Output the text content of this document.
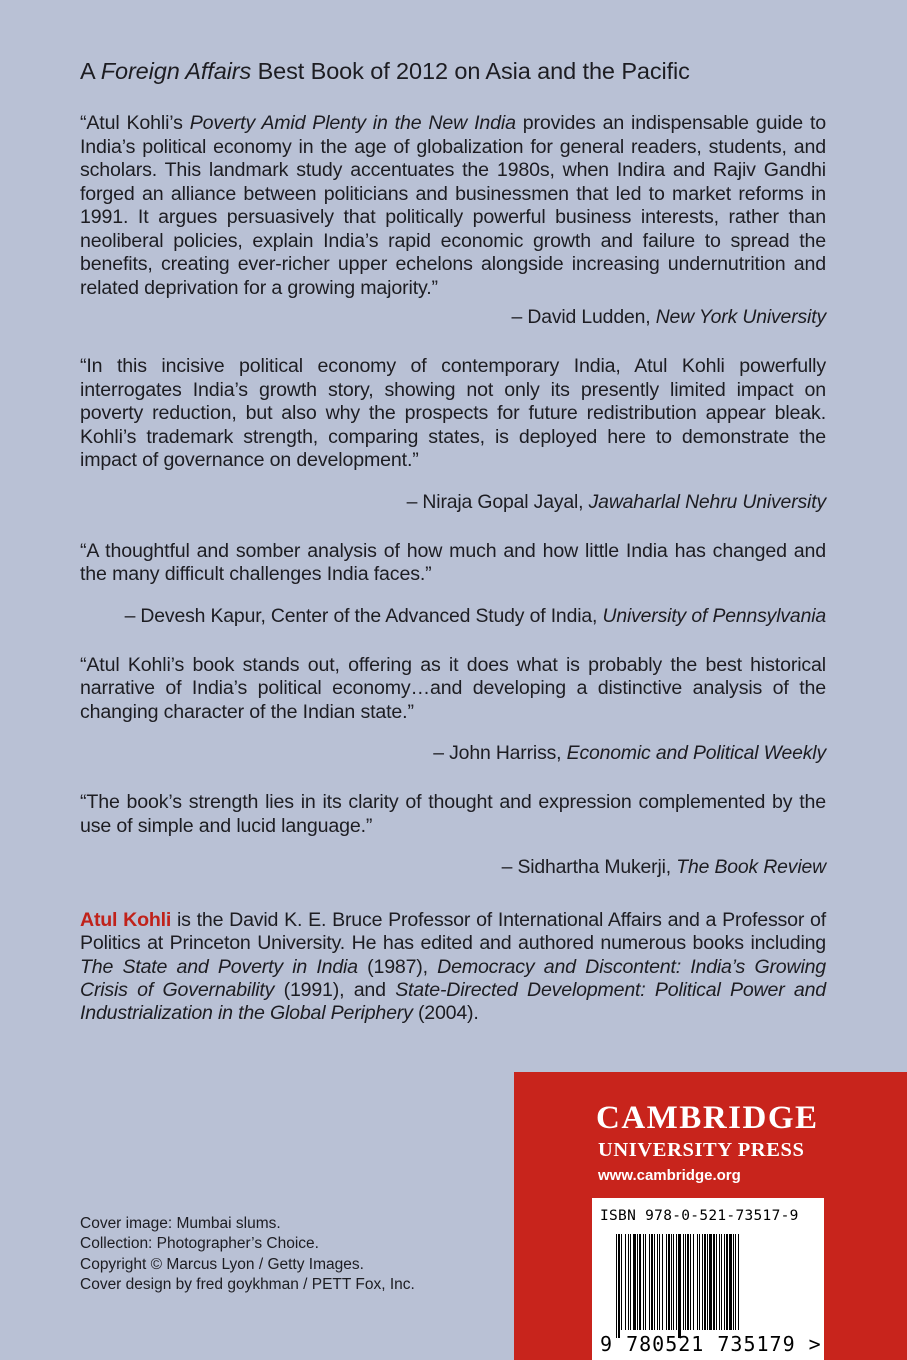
A Foreign Affairs Best Book of 2012 on Asia and the Pacific

“Atul Kohli’s Poverty Amid Plenty in the New India provides an indispensable guide to India’s political economy in the age of globalization for general readers, students, and scholars. This landmark study accentuates the 1980s, when Indira and Rajiv Gandhi forged an alliance between politicians and businessmen that led to market reforms in 1991. It argues persuasively that politically powerful business interests, rather than neoliberal policies, explain India’s rapid economic growth and failure to spread the benefits, creating ever-richer upper echelons alongside increasing undernutrition and related deprivation for a growing majority.”

– David Ludden, New York University

“In this incisive political economy of contemporary India, Atul Kohli powerfully interrogates India’s growth story, showing not only its presently limited impact on poverty reduction, but also why the prospects for future redistribution appear bleak. Kohli’s trademark strength, comparing states, is deployed here to demonstrate the impact of governance on development.”

– Niraja Gopal Jayal, Jawaharlal Nehru University

“A thoughtful and somber analysis of how much and how little India has changed and the many difficult challenges India faces.”

– Devesh Kapur, Center of the Advanced Study of India, University of Pennsylvania

“Atul Kohli’s book stands out, offering as it does what is probably the best historical narrative of India’s political economy…and developing a distinctive analysis of the changing character of the Indian state.”

– John Harriss, Economic and Political Weekly

“The book’s strength lies in its clarity of thought and expression complemented by the use of simple and lucid language.”

– Sidhartha Mukerji, The Book Review

Atul Kohli is the David K. E. Bruce Professor of International Affairs and a Professor of Politics at Princeton University. He has edited and authored numerous books including The State and Poverty in India (1987), Democracy and Discontent: India’s Growing Crisis of Governability (1991), and State-Directed Development: Political Power and Industrialization in the Global Periphery (2004).

Cover image: Mumbai slums.
Collection: Photographer’s Choice.
Copyright © Marcus Lyon / Getty Images.
Cover design by fred goykhman / PETT Fox, Inc.
CAMBRIDGE
UNIVERSITY PRESS
www.cambridge.org
ISBN 978-0-521-73517-9
9 780521 735179 >
